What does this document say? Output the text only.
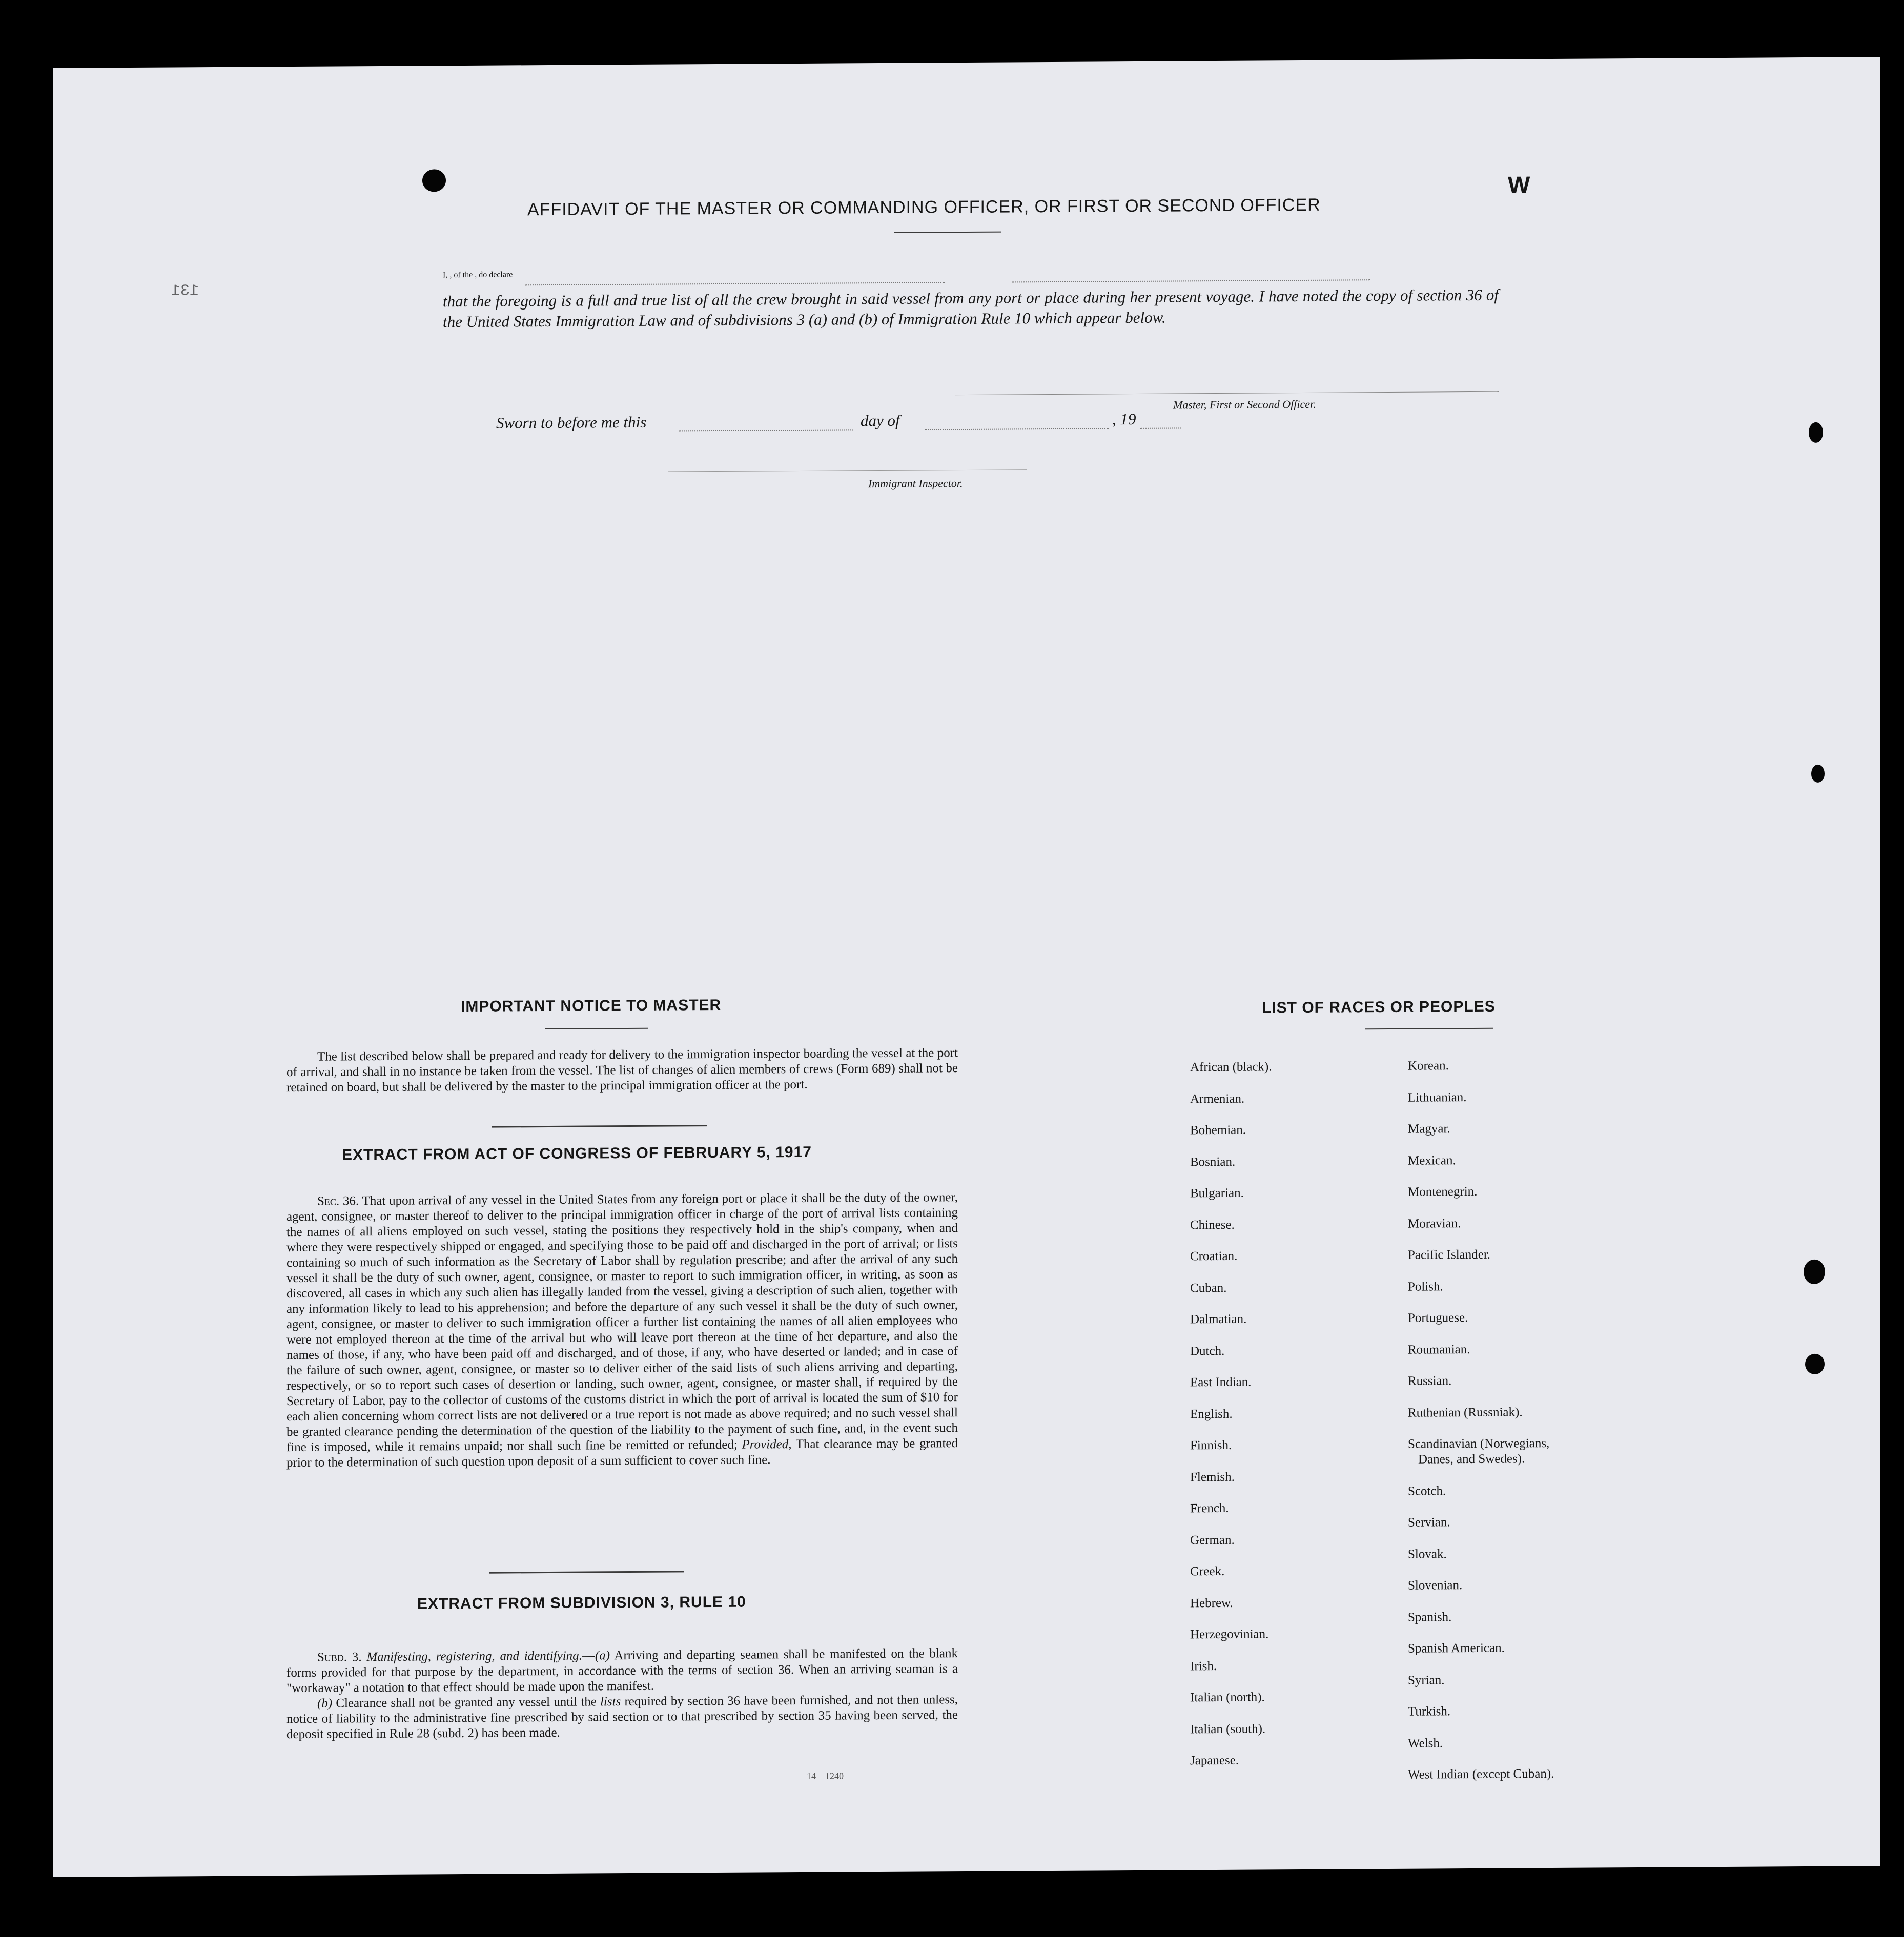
W
131
AFFIDAVIT OF THE MASTER OR COMMANDING OFFICER, OR FIRST OR SECOND OFFICER
I, , of the , do declare
that the foregoing is a full and true list of all the crew brought in said vessel from any port or place during her present voyage. I have noted the copy of section 36 of the United States Immigration Law and of subdivisions 3 (a) and (b) of Immigration Rule 10 which appear below.
Master, First or Second Officer.
Sworn to before me this	day of	, 19
Immigrant Inspector.
IMPORTANT NOTICE TO MASTER
The list described below shall be prepared and ready for delivery to the immigration inspector boarding the vessel at the port of arrival, and shall in no instance be taken from the vessel. The list of changes of alien members of crews (Form 689) shall not be retained on board, but shall be delivered by the master to the principal immigration officer at the port.
EXTRACT FROM ACT OF CONGRESS OF FEBRUARY 5, 1917
Sec. 36. That upon arrival of any vessel in the United States from any foreign port or place it shall be the duty of the owner, agent, consignee, or master thereof to deliver to the principal immigration officer in charge of the port of arrival lists containing the names of all aliens employed on such vessel, stating the positions they respectively hold in the ship's company, when and where they were respectively shipped or engaged, and specifying those to be paid off and discharged in the port of arrival; or lists containing so much of such information as the Secretary of Labor shall by regulation prescribe; and after the arrival of any such vessel it shall be the duty of such owner, agent, consignee, or master to report to such immigration officer, in writing, as soon as discovered, all cases in which any such alien has illegally landed from the vessel, giving a description of such alien, together with any information likely to lead to his apprehension; and before the departure of any such vessel it shall be the duty of such owner, agent, consignee, or master to deliver to such immigration officer a further list containing the names of all alien employees who were not employed thereon at the time of the arrival but who will leave port thereon at the time of her departure, and also the names of those, if any, who have been paid off and discharged, and of those, if any, who have deserted or landed; and in case of the failure of such owner, agent, consignee, or master so to deliver either of the said lists of such aliens arriving and departing, respectively, or so to report such cases of desertion or landing, such owner, agent, consignee, or master shall, if required by the Secretary of Labor, pay to the collector of customs of the customs district in which the port of arrival is located the sum of $10 for each alien concerning whom correct lists are not delivered or a true report is not made as above required; and no such vessel shall be granted clearance pending the determination of the question of the liability to the payment of such fine, and, in the event such fine is imposed, while it remains unpaid; nor shall such fine be remitted or refunded; Provided, That clearance may be granted prior to the determination of such question upon deposit of a sum sufficient to cover such fine.
EXTRACT FROM SUBDIVISION 3, RULE 10
Subd. 3. Manifesting, registering, and identifying.—(a) Arriving and departing seamen shall be manifested on the blank forms provided for that purpose by the department, in accordance with the terms of section 36. When an arriving seaman is a "workaway" a notation to that effect should be made upon the manifest.
(b) Clearance shall not be granted any vessel until the lists required by section 36 have been furnished, and not then unless, notice of liability to the administrative fine prescribed by said section or to that prescribed by section 35 having been served, the deposit specified in Rule 28 (subd. 2) has been made.
14—1240
LIST OF RACES OR PEOPLES
African (black).
Armenian.
Bohemian.
Bosnian.
Bulgarian.
Chinese.
Croatian.
Cuban.
Dalmatian.
Dutch.
East Indian.
English.
Finnish.
Flemish.
French.
German.
Greek.
Hebrew.
Herzegovinian.
Irish.
Italian (north).
Italian (south).
Japanese.
Korean.
Lithuanian.
Magyar.
Mexican.
Montenegrin.
Moravian.
Pacific Islander.
Polish.
Portuguese.
Roumanian.
Russian.
Ruthenian (Russniak).
Scandinavian (Norwegians,
Danes, and Swedes).
Scotch.
Servian.
Slovak.
Slovenian.
Spanish.
Spanish American.
Syrian.
Turkish.
Welsh.
West Indian (except Cuban).
